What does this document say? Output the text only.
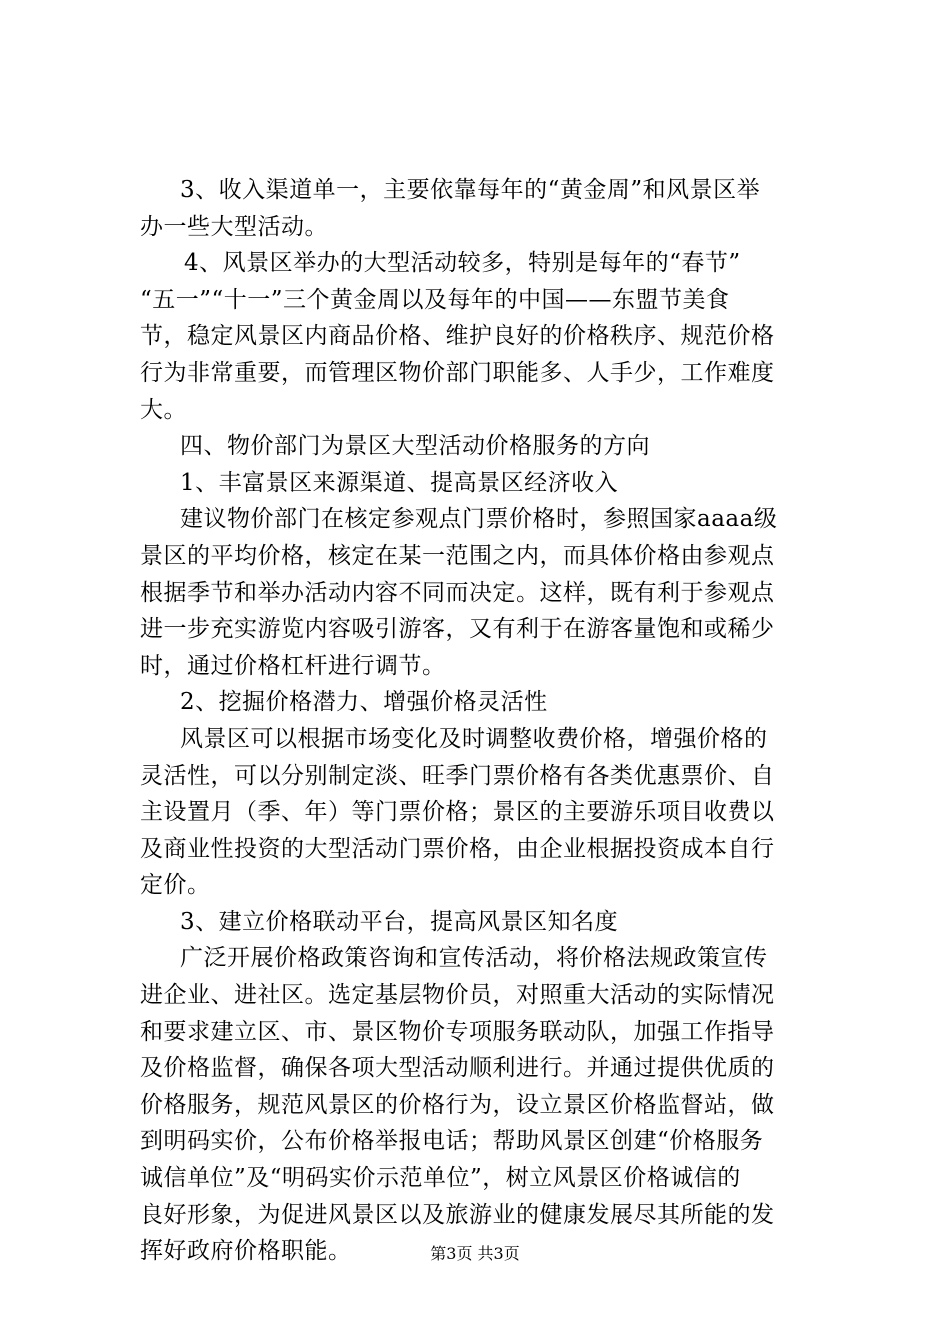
3、收入渠道单一，主要依靠每年的“黄金周”和风景区举
办一些大型活动。
4、风景区举办的大型活动较多，特别是每年的“春节”
“五一”“十一”三个黄金周以及每年的中国——东盟节美食
节，稳定风景区内商品价格、维护良好的价格秩序、规范价格
行为非常重要，而管理区物价部门职能多、人手少，工作难度
大。
四、物价部门为景区大型活动价格服务的方向
1、丰富景区来源渠道、提高景区经济收入
建议物价部门在核定参观点门票价格时，参照国家aaaa级
景区的平均价格，核定在某一范围之内，而具体价格由参观点
根据季节和举办活动内容不同而决定。这样，既有利于参观点
进一步充实游览内容吸引游客，又有利于在游客量饱和或稀少
时，通过价格杠杆进行调节。
2、挖掘价格潜力、增强价格灵活性
风景区可以根据市场变化及时调整收费价格，增强价格的
灵活性，可以分别制定淡、旺季门票价格有各类优惠票价、自
主设置月（季、年）等门票价格；景区的主要游乐项目收费以
及商业性投资的大型活动门票价格，由企业根据投资成本自行
定价。
3、建立价格联动平台，提高风景区知名度
广泛开展价格政策咨询和宣传活动，将价格法规政策宣传
进企业、进社区。选定基层物价员，对照重大活动的实际情况
和要求建立区、市、景区物价专项服务联动队，加强工作指导
及价格监督，确保各项大型活动顺利进行。并通过提供优质的
价格服务，规范风景区的价格行为，设立景区价格监督站，做
到明码实价，公布价格举报电话；帮助风景区创建“价格服务
诚信单位”及“明码实价示范单位”，树立风景区价格诚信的
良好形象，为促进风景区以及旅游业的健康发展尽其所能的发
挥好政府价格职能。	第3页 共3页
